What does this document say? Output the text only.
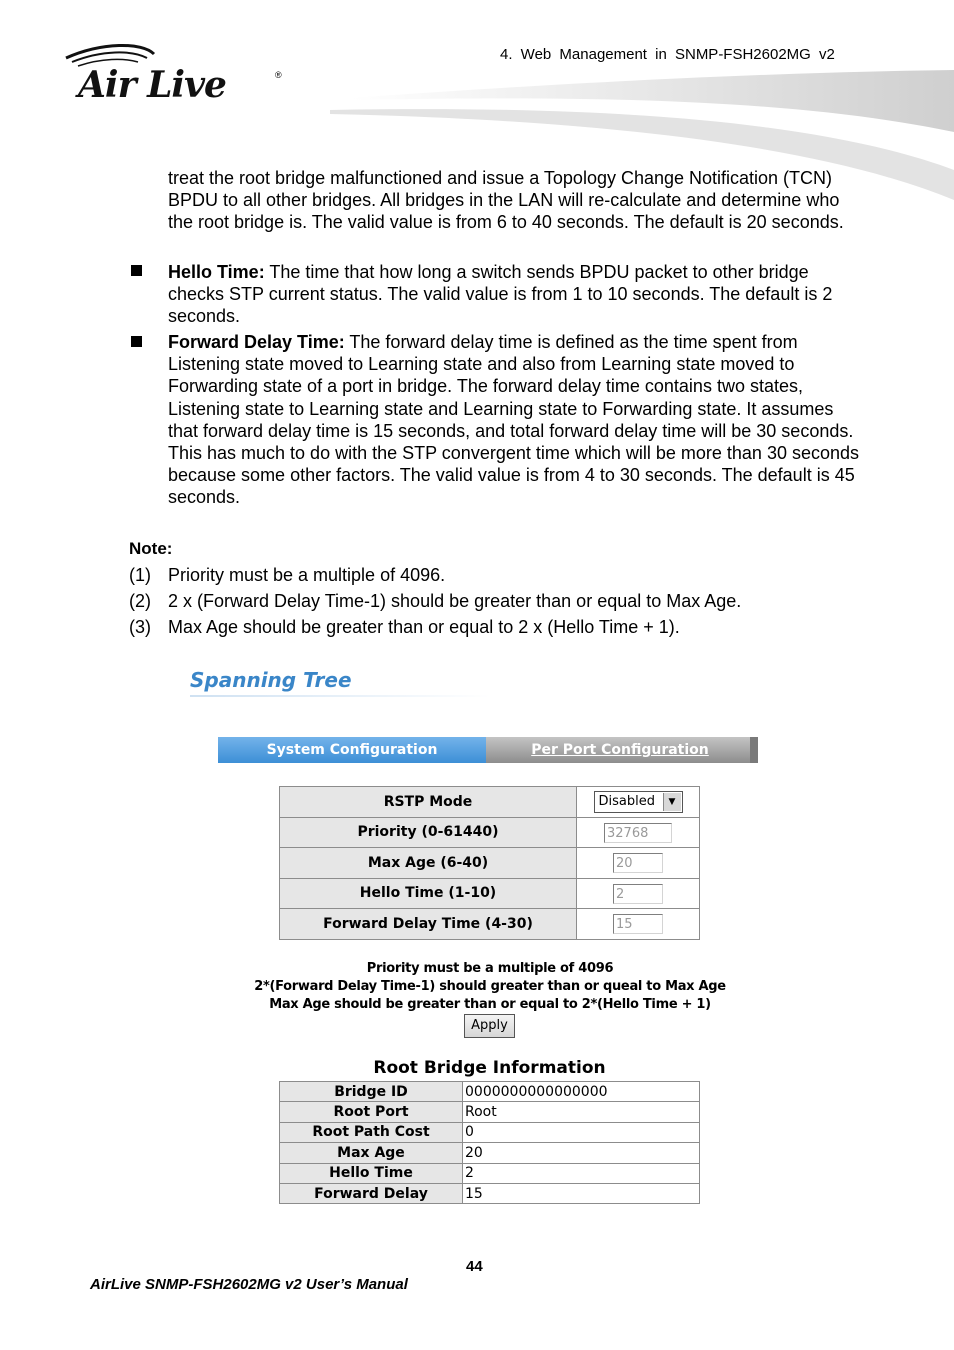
Air Live	®
4. Web Management in SNMP-FSH2602MG v2
treat the root bridge malfunctioned and issue a Topology Change Notification (TCN) BPDU to all other bridges. All bridges in the LAN will re-calculate and determine who the root bridge is. The valid value is from 6 to 40 seconds. The default is 20 seconds.
Hello Time: The time that how long a switch sends BPDU packet to other bridge checks STP current status. The valid value is from 1 to 10 seconds. The default is 2 seconds.
Forward Delay Time: The forward delay time is defined as the time spent from Listening state moved to Learning state and also from Learning state moved to Forwarding state of a port in bridge. The forward delay time contains two states, Listening state to Learning state and Learning state to Forwarding state. It assumes that forward delay time is 15 seconds, and total forward delay time will be 30 seconds. This has much to do with the STP convergent time which will be more than 30 seconds because some other factors. The valid value is from 4 to 30 seconds. The default is 45 seconds.
Note:
(1) Priority must be a multiple of 4096.
(2) 2 x (Forward Delay Time-1) should be greater than or equal to Max Age.
(3) Max Age should be greater than or equal to 2 x (Hello Time + 1).
Spanning Tree
System Configuration	Per Port Configuration
RSTP Mode	Disabled ▼

Priority (0-61440)	32768
Max Age (6-40)	20
Hello Time (1-10)	2
Forward Delay Time (4-30)	15
Priority must be a multiple of 4096
2*(Forward Delay Time-1) should greater than or queal to Max Age
Max Age should be greater than or equal to 2*(Hello Time + 1)
Apply
Root Bridge Information
Bridge ID	0000000000000000
Root Port	Root
Root Path Cost	0
Max Age	20
Hello Time	2
Forward Delay	15
44
AirLive SNMP-FSH2602MG v2 User’s Manual
